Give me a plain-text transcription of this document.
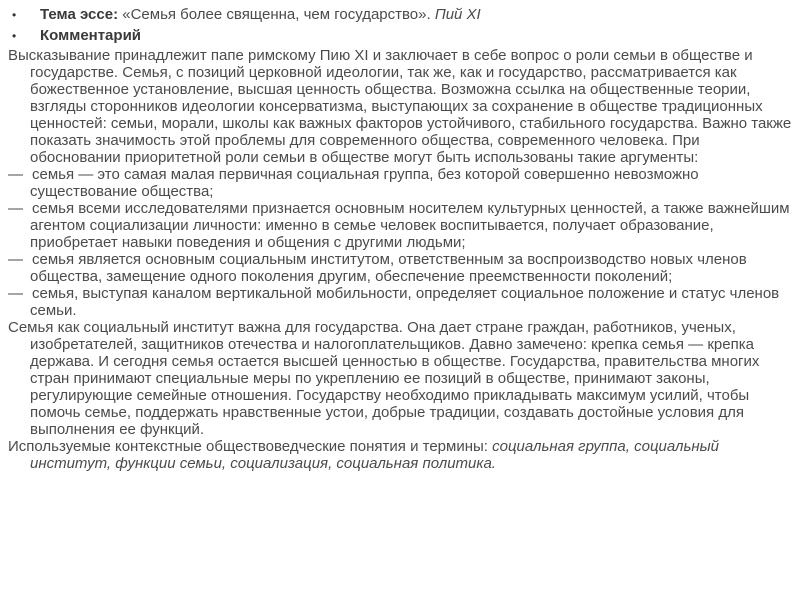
• Тема эссе: «Семья более священна, чем государство». Пий XI
• Комментарий

Высказывание принадлежит папе римскому Пию XI и заключает в себе вопрос о роли семьи в обществе и государстве. Семья, с позиций церковной идеологии, так же, как и государство, рассматривается как божественное установление, высшая ценность общества. Возможна ссылка на общественные теории, взгляды сторонников идеологии консерватизма, выступающих за сохранение в обществе традиционных ценностей: семьи, морали, школы как важных факторов устойчивого, стабильного государства. Важно также показать значимость этой проблемы для современного общества, современного человека. При обосновании приоритетной роли семьи в обществе могут быть использованы такие аргументы:

— семья — это самая малая первичная социальная группа, без которой совершенно невозможно существование общества;

— семья всеми исследователями признается основным носителем культурных ценностей, а также важнейшим агентом социализации личности: именно в семье человек воспитывается, получает образование, приобретает навыки поведения и общения с другими людьми;

— семья является основным социальным институтом, ответственным за воспроизводство новых членов общества, замещение одного поколения другим, обеспечение преемственности поколений;

— семья, выступая каналом вертикальной мобильности, определяет социальное положение и статус членов семьи.

Семья как социальный институт важна для государства. Она дает стране граждан, работников, ученых, изобретателей, защитников отечества и налогоплательщиков. Давно замечено: крепка семья — крепка держава. И сегодня семья остается высшей ценностью в обществе. Государства, правительства многих стран принимают специальные меры по укреплению ее позиций в обществе, принимают законы, регулирующие семейные отношения. Государству необходимо прикладывать максимум усилий, чтобы помочь семье, поддержать нравственные устои, добрые традиции, создавать достойные условия для выполнения ее функций.

Используемые контекстные обществоведческие понятия и термины: социальная группа, социальный институт, функции семьи, социализация, социальная политика.
